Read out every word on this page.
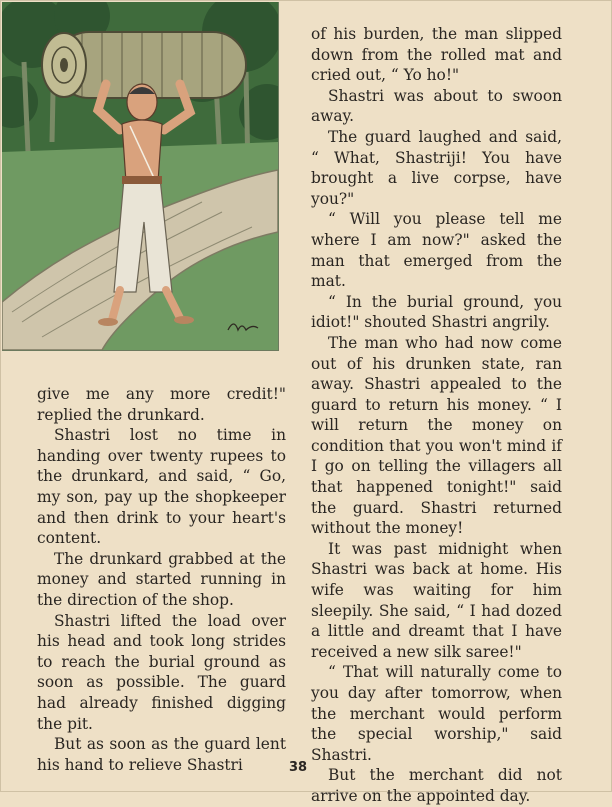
give me any more credit!" replied the drunkard.

Shastri lost no time in handing over twenty rupees to the drunkard, and said, “ Go, my son, pay up the shopkeeper and then drink to your heart's content.

The drunkard grabbed at the money and started running in the direction of the shop.

Shastri lifted the load over his head and took long strides to reach the burial ground as soon as possible. The guard had already finished digging the pit.

But as soon as the guard lent his hand to relieve Shastri

of his burden, the man slipped down from the rolled mat and cried out, “ Yo ho!"

Shastri was about to swoon away.

The guard laughed and said, “ What, Shastriji! You have brought a live corpse, have you?"

“ Will you please tell me where I am now?" asked the man that emerged from the mat.

“ In the burial ground, you idiot!" shouted Shastri angrily.

The man who had now come out of his drunken state, ran away. Shastri appealed to the guard to return his money. “ I will return the money on condition that you won't mind if I go on telling the villagers all that happened tonight!" said the guard. Shastri returned without the money!

It was past midnight when Shastri was back at home. His wife was waiting for him sleepily. She said, “ I had dozed a little and dreamt that I have received a new silk saree!"

“ That will naturally come to you day after tomorrow, when the merchant would perform the special worship," said Shastri.

But the merchant did not arrive on the appointed day.

38
